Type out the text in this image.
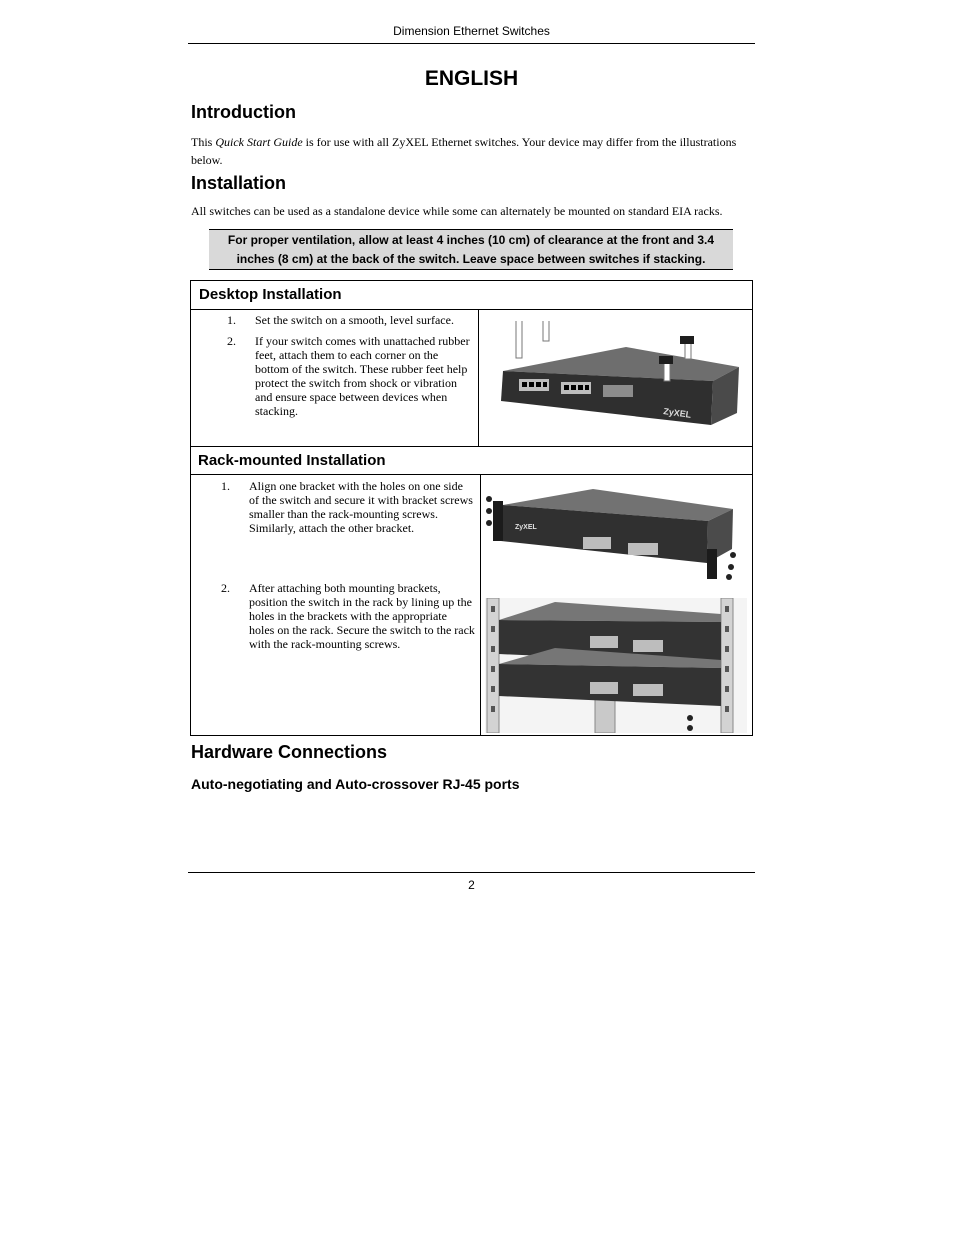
Dimension Ethernet Switches
ENGLISH
Introduction

This Quick Start Guide is for use with all ZyXEL Ethernet switches. Your device may differ from the illustrations below.

Installation

All switches can be used as a standalone device while some can alternately be mounted on standard EIA racks.

For proper ventilation, allow at least 4 inches (10 cm) of clearance at the front and 3.4
inches (8 cm) at the back of the switch. Leave space between switches if stacking.
Desktop Installation
1. Set the switch on a smooth, level surface.
2. If your switch comes with unattached rubber feet, attach them to each corner on the bottom of the switch. These rubber feet help protect the switch from shock or vibration and ensure space between devices when stacking.	ZyXEL
Rack-mounted Installation
1. Align one bracket with the holes on one side of the switch and secure it with bracket screws smaller than the rack-mounting screws. Similarly, attach the other bracket.
2. After attaching both mounting brackets, position the switch in the rack by lining up the holes in the brackets with the appropriate holes on the rack. Secure the switch to the rack with the rack-mounting screws.
ZyXEL
Hardware Connections
Auto-negotiating and Auto-crossover RJ-45 ports
2
